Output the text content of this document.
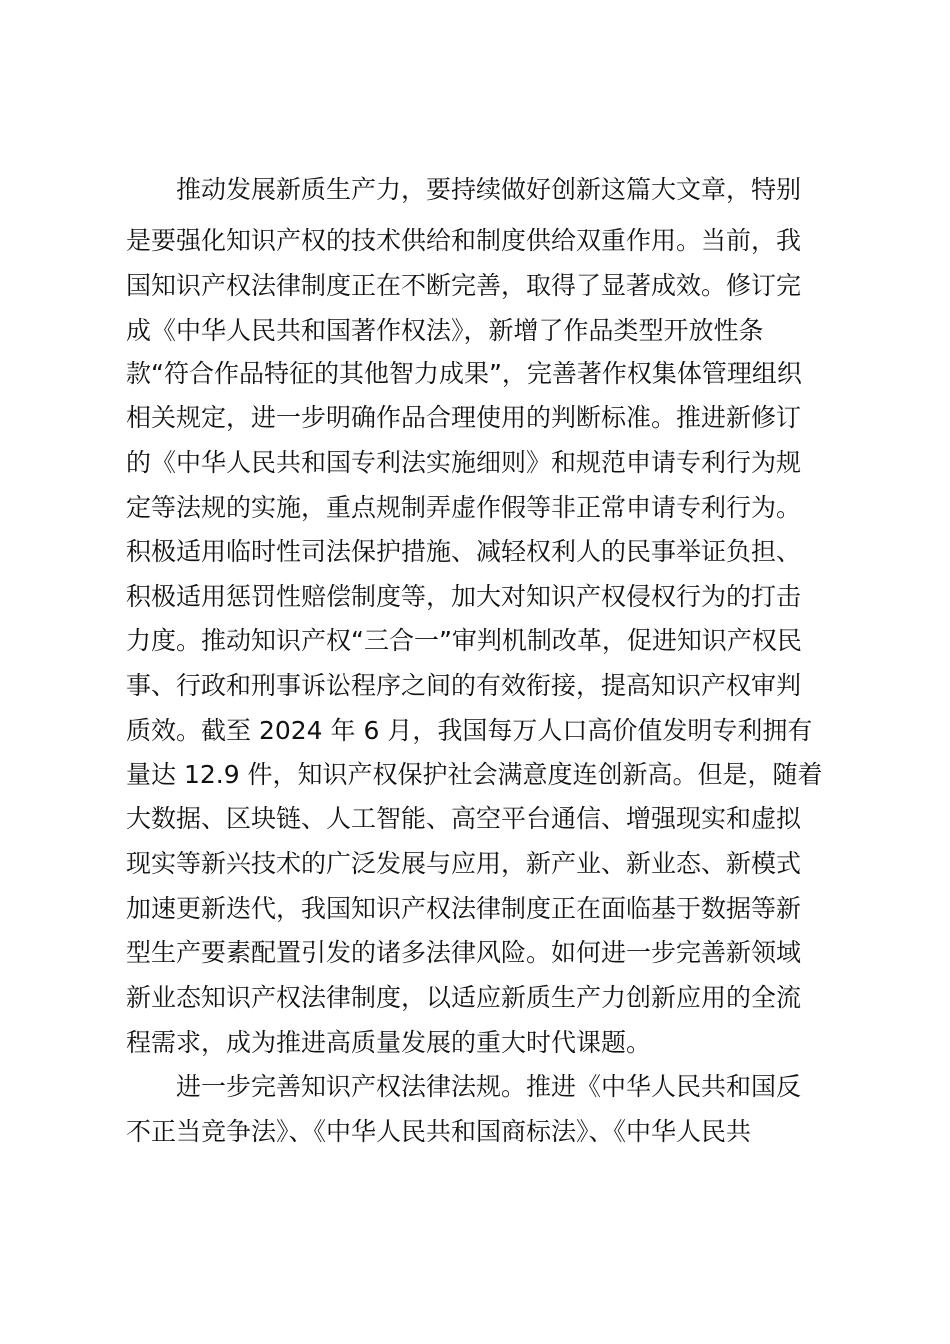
推动发展新质生产力，要持续做好创新这篇大文章，特别
是要强化知识产权的技术供给和制度供给双重作用。当前，我
国知识产权法律制度正在不断完善，取得了显著成效。修订完
成《中华人民共和国著作权法》，新增了作品类型开放性条
款“符合作品特征的其他智力成果”，完善著作权集体管理组织
相关规定，进一步明确作品合理使用的判断标准。推进新修订
的《中华人民共和国专利法实施细则》和规范申请专利行为规
定等法规的实施，重点规制弄虚作假等非正常申请专利行为。
积极适用临时性司法保护措施、减轻权利人的民事举证负担、
积极适用惩罚性赔偿制度等，加大对知识产权侵权行为的打击
力度。推动知识产权“三合一”审判机制改革，促进知识产权民
事、行政和刑事诉讼程序之间的有效衔接，提高知识产权审判
质效。截至 2024 年 6 月，我国每万人口高价值发明专利拥有
量达 12.9 件，知识产权保护社会满意度连创新高。但是，随着
大数据、区块链、人工智能、高空平台通信、增强现实和虚拟
现实等新兴技术的广泛发展与应用，新产业、新业态、新模式
加速更新迭代，我国知识产权法律制度正在面临基于数据等新
型生产要素配置引发的诸多法律风险。如何进一步完善新领域
新业态知识产权法律制度，以适应新质生产力创新应用的全流
程需求，成为推进高质量发展的重大时代课题。
进一步完善知识产权法律法规。推进《中华人民共和国反
不正当竞争法》、《中华人民共和国商标法》、《中华人民共
